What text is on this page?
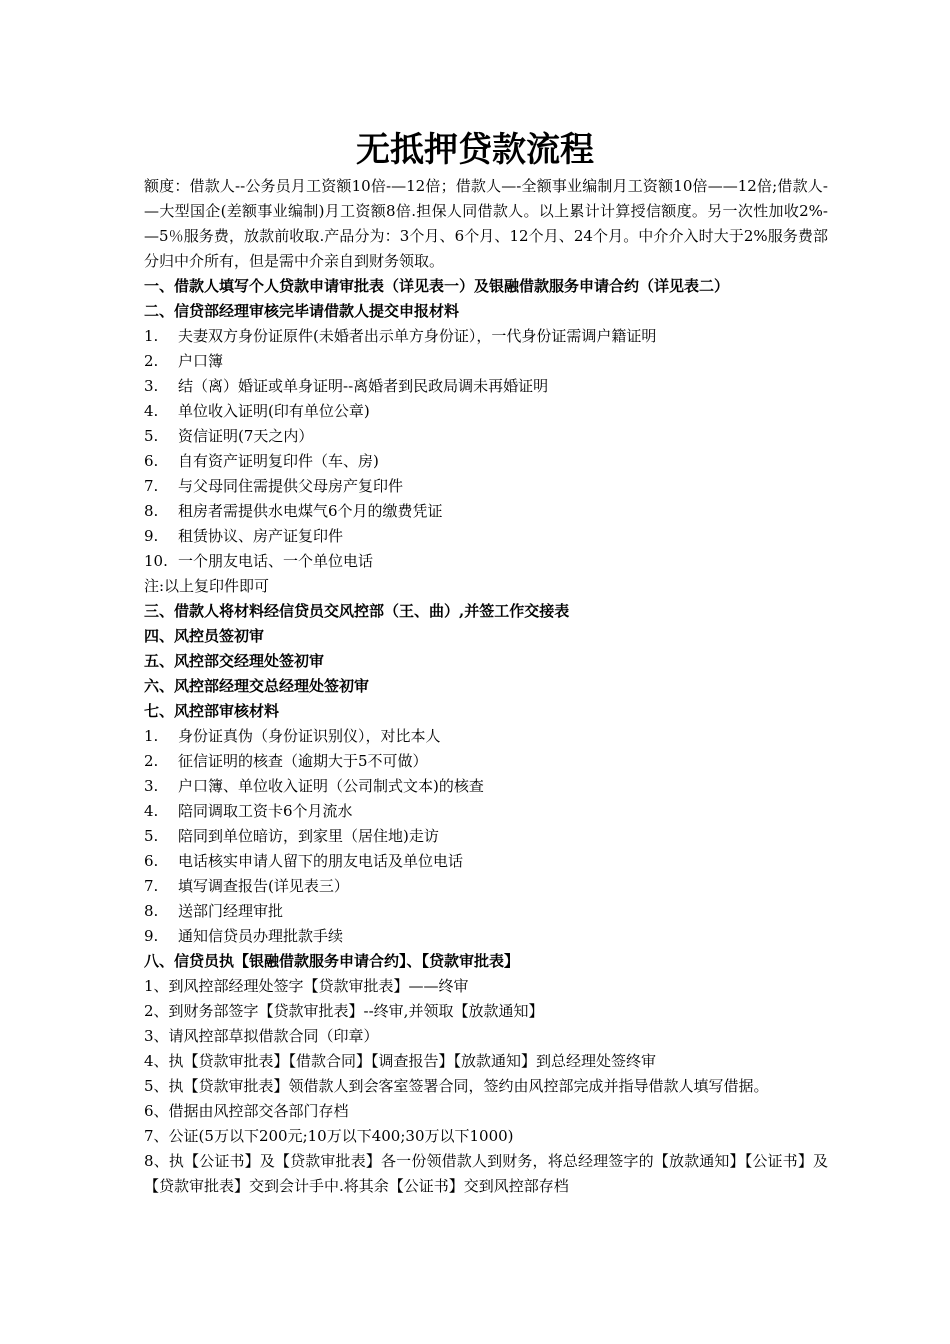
无抵押贷款流程

额度：借款人--公务员月工资额10倍-—12倍；借款人—-全额事业编制月工资额10倍——12倍;借款人-—大型国企(差额事业编制)月工资额8倍.担保人同借款人。以上累计计算授信额度。另一次性加收2%-—5％服务费，放款前收取.产品分为：3个月、6个月、12个月、24个月。中介介入时大于2%服务费部分归中介所有，但是需中介亲自到财务领取。

一、借款人填写个人贷款申请审批表（详见表一）及银融借款服务申请合约（详见表二）

二、信贷部经理审核完毕请借款人提交申报材料

1. 夫妻双方身份证原件(未婚者出示单方身份证），一代身份证需调户籍证明

2. 户口簿

3. 结（离）婚证或单身证明--离婚者到民政局调未再婚证明

4. 单位收入证明(印有单位公章)

5. 资信证明(7天之内）

6. 自有资产证明复印件（车、房)

7. 与父母同住需提供父母房产复印件

8. 租房者需提供水电煤气6个月的缴费凭证

9. 租赁协议、房产证复印件

10. 一个朋友电话、一个单位电话

注:以上复印件即可

三、借款人将材料经信贷员交风控部（王、曲）,并签工作交接表

四、风控员签初审

五、风控部交经理处签初审

六、风控部经理交总经理处签初审

七、风控部审核材料

1. 身份证真伪（身份证识别仪），对比本人

2. 征信证明的核查（逾期大于5不可做）

3. 户口簿、单位收入证明（公司制式文本)的核查

4. 陪同调取工资卡6个月流水

5. 陪同到单位暗访，到家里（居住地)走访

6. 电话核实申请人留下的朋友电话及单位电话

7. 填写调查报告(详见表三）

8. 送部门经理审批

9. 通知信贷员办理批款手续

八、信贷员执【银融借款服务申请合约】、【贷款审批表】

1、到风控部经理处签字【贷款审批表】——终审

2、到财务部签字【贷款审批表】--终审,并领取【放款通知】

3、请风控部草拟借款合同（印章）

4、执【贷款审批表】【借款合同】【调查报告】【放款通知】到总经理处签终审

5、执【贷款审批表】领借款人到会客室签署合同，签约由风控部完成并指导借款人填写借据。

6、借据由风控部交各部门存档

7、公证(5万以下200元;10万以下400;30万以下1000)

8、执【公证书】及【贷款审批表】各一份领借款人到财务，将总经理签字的【放款通知】【公证书】及【贷款审批表】交到会计手中.将其余【公证书】交到风控部存档
